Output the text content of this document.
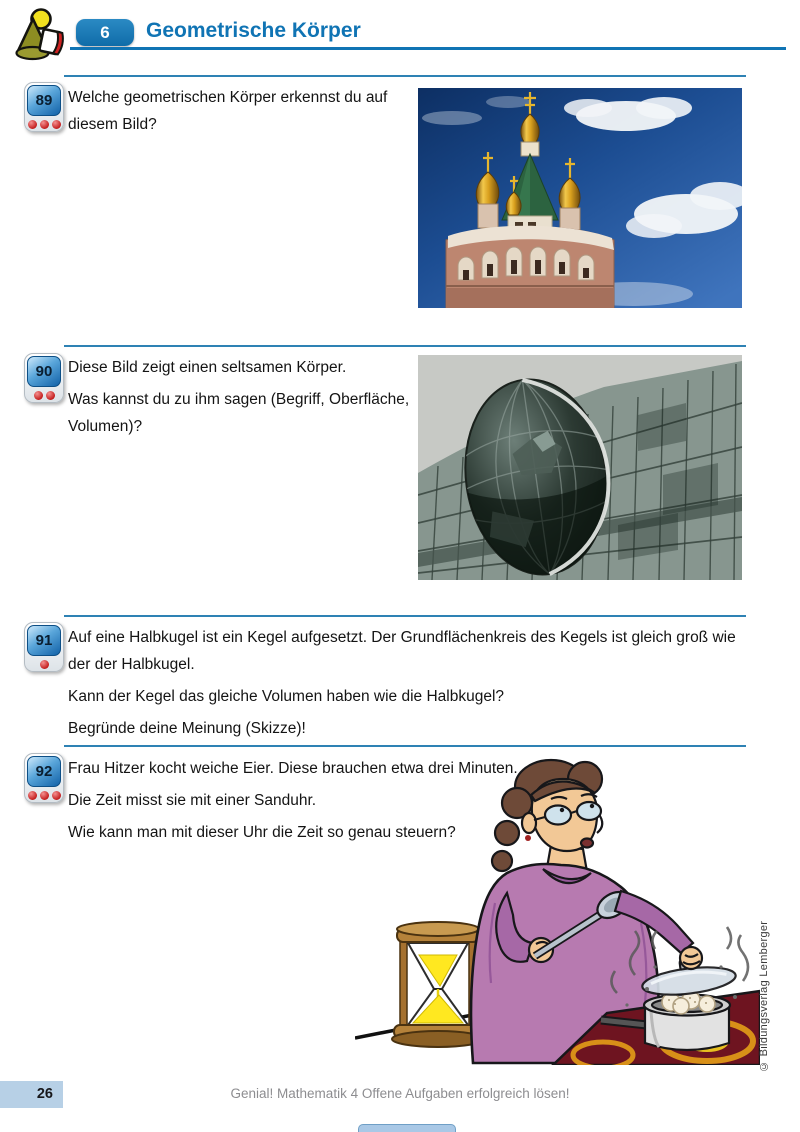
6	Geometrische Körper
89	Welche geometrischen Körper erkennst du auf diesem Bild?

90	Diese Bild zeigt einen seltsamen Körper.

Was kannst du zu ihm sagen (Begriff, Oberfläche, Volumen)?

91	Auf eine Halbkugel ist ein Kegel aufgesetzt. Der Grundflächenkreis des Kegels ist gleich groß wie der der Halbkugel.

Kann der Kegel das gleiche Volumen haben wie die Halbkugel?

Begründe deine Meinung (Skizze)!

92	Frau Hitzer kocht weiche Eier. Diese brauchen etwa drei Minuten.

Die Zeit misst sie mit einer Sanduhr.

Wie kann man mit dieser Uhr die Zeit so genau steuern?

© Bildungsverlag Lemberger
26	Genial! Mathematik 4 Offene Aufgaben erfolgreich lösen!
